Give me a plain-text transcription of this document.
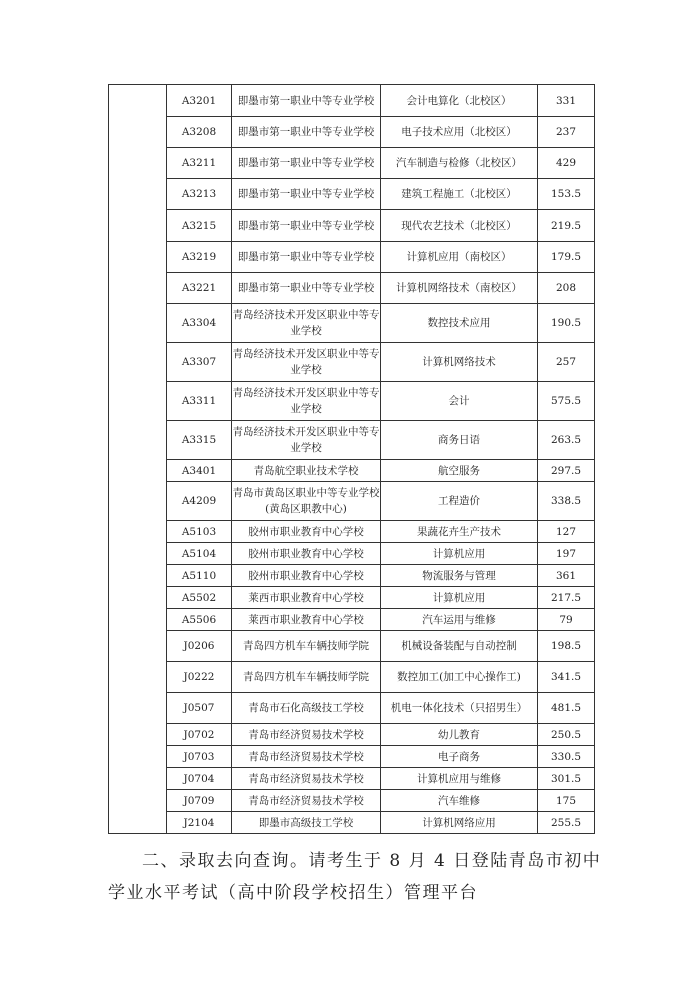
	A3201	即墨市第一职业中等专业学校	会计电算化（北校区）	331
	A3208	即墨市第一职业中等专业学校	电子技术应用（北校区）	237
	A3211	即墨市第一职业中等专业学校	汽车制造与检修（北校区）	429
	A3213	即墨市第一职业中等专业学校	建筑工程施工（北校区）	153.5
	A3215	即墨市第一职业中等专业学校	现代农艺技术（北校区）	219.5
	A3219	即墨市第一职业中等专业学校	计算机应用（南校区）	179.5
	A3221	即墨市第一职业中等专业学校	计算机网络技术（南校区）	208
	A3304	青岛经济技术开发区职业中等专业学校	数控技术应用	190.5
	A3307	青岛经济技术开发区职业中等专业学校	计算机网络技术	257
	A3311	青岛经济技术开发区职业中等专业学校	会计	575.5
	A3315	青岛经济技术开发区职业中等专业学校	商务日语	263.5
	A3401	青岛航空职业技术学校	航空服务	297.5
	A4209	青岛市黄岛区职业中等专业学校(黄岛区职教中心)	工程造价	338.5
	A5103	胶州市职业教育中心学校	果蔬花卉生产技术	127
	A5104	胶州市职业教育中心学校	计算机应用	197
	A5110	胶州市职业教育中心学校	物流服务与管理	361
	A5502	莱西市职业教育中心学校	计算机应用	217.5
	A5506	莱西市职业教育中心学校	汽车运用与维修	79
	J0206	青岛四方机车车辆技师学院	机械设备装配与自动控制	198.5
	J0222	青岛四方机车车辆技师学院	数控加工(加工中心操作工)	341.5
	J0507	青岛市石化高级技工学校	机电一体化技术（只招男生）	481.5
	J0702	青岛市经济贸易技术学校	幼儿教育	250.5
	J0703	青岛市经济贸易技术学校	电子商务	330.5
	J0704	青岛市经济贸易技术学校	计算机应用与维修	301.5
	J0709	青岛市经济贸易技术学校	汽车维修	175
	J2104	即墨市高级技工学校	计算机网络应用	255.5
二、录取去向查询。请考生于 8 月 4 日登陆青岛市初中
学业水平考试（高中阶段学校招生）管理平台
